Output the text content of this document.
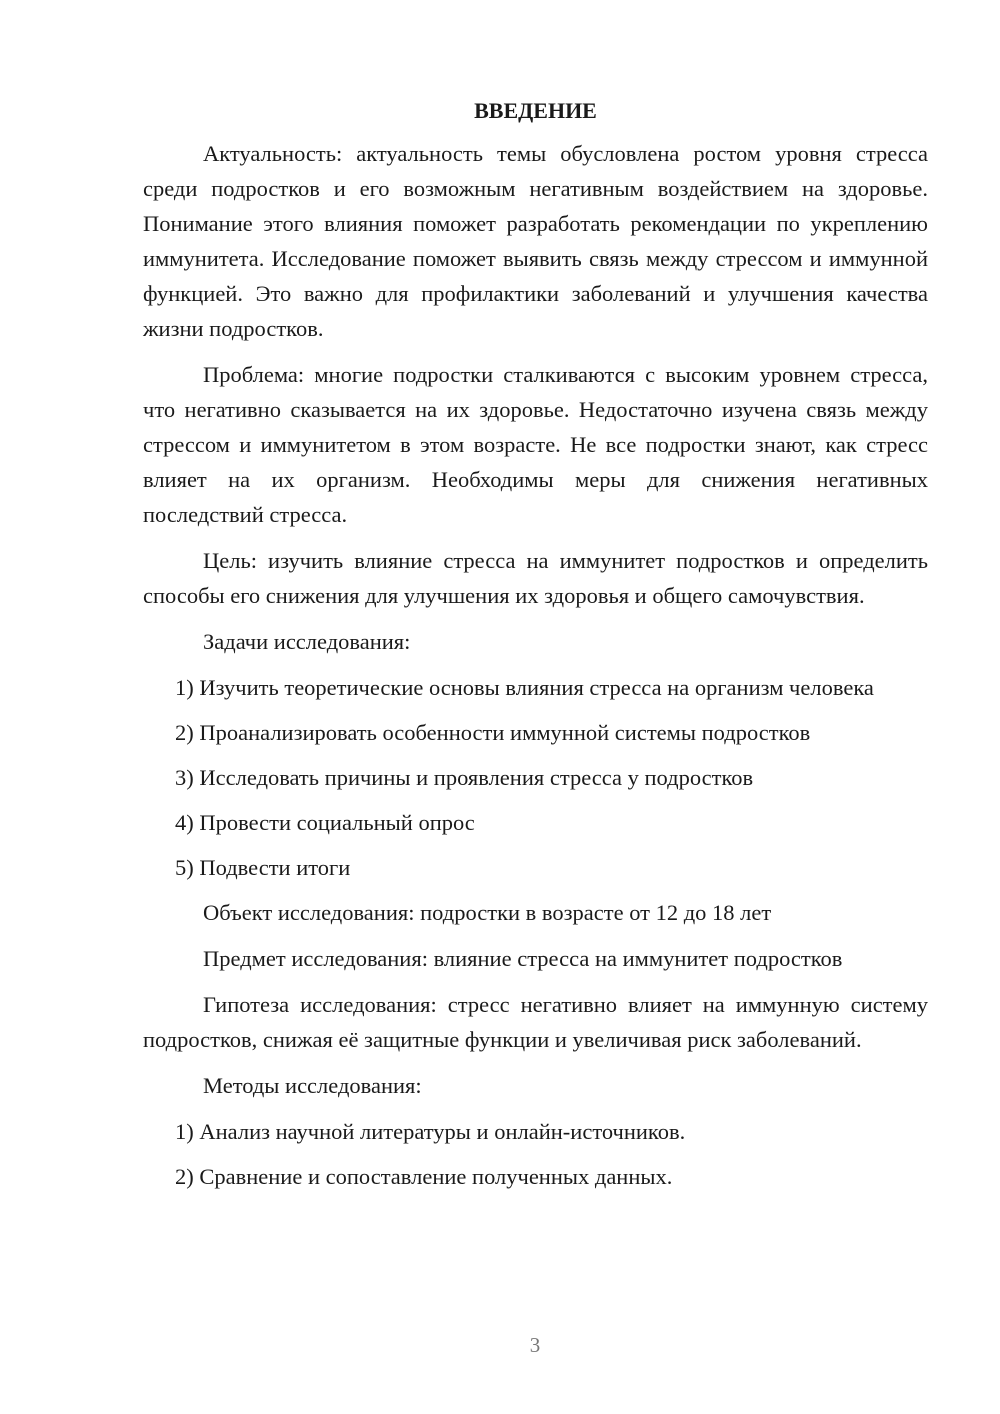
ВВЕДЕНИЕ

Актуальность: актуальность темы обусловлена ростом уровня стресса среди подростков и его возможным негативным воздействием на здоровье. Понимание этого влияния поможет разработать рекомендации по укреплению иммунитета. Исследование поможет выявить связь между стрессом и иммунной функцией. Это важно для профилактики заболеваний и улучшения качества жизни подростков.

Проблема: многие подростки сталкиваются с высоким уровнем стресса, что негативно сказывается на их здоровье. Недостаточно изучена связь между стрессом и иммунитетом в этом возрасте. Не все подростки знают, как стресс влияет на их организм. Необходимы меры для снижения негативных последствий стресса.

Цель: изучить влияние стресса на иммунитет подростков и определить способы его снижения для улучшения их здоровья и общего самочувствия.

Задачи исследования:

1) Изучить теоретические основы влияния стресса на организм человека

2) Проанализировать особенности иммунной системы подростков

3) Исследовать причины и проявления стресса у подростков

4) Провести социальный опрос

5) Подвести итоги

Объект исследования: подростки в возрасте от 12 до 18 лет

Предмет исследования: влияние стресса на иммунитет подростков

Гипотеза исследования: стресс негативно влияет на иммунную систему подростков, снижая её защитные функции и увеличивая риск заболеваний.

Методы исследования:

1) Анализ научной литературы и онлайн-источников.

2) Сравнение и сопоставление полученных данных.

3
